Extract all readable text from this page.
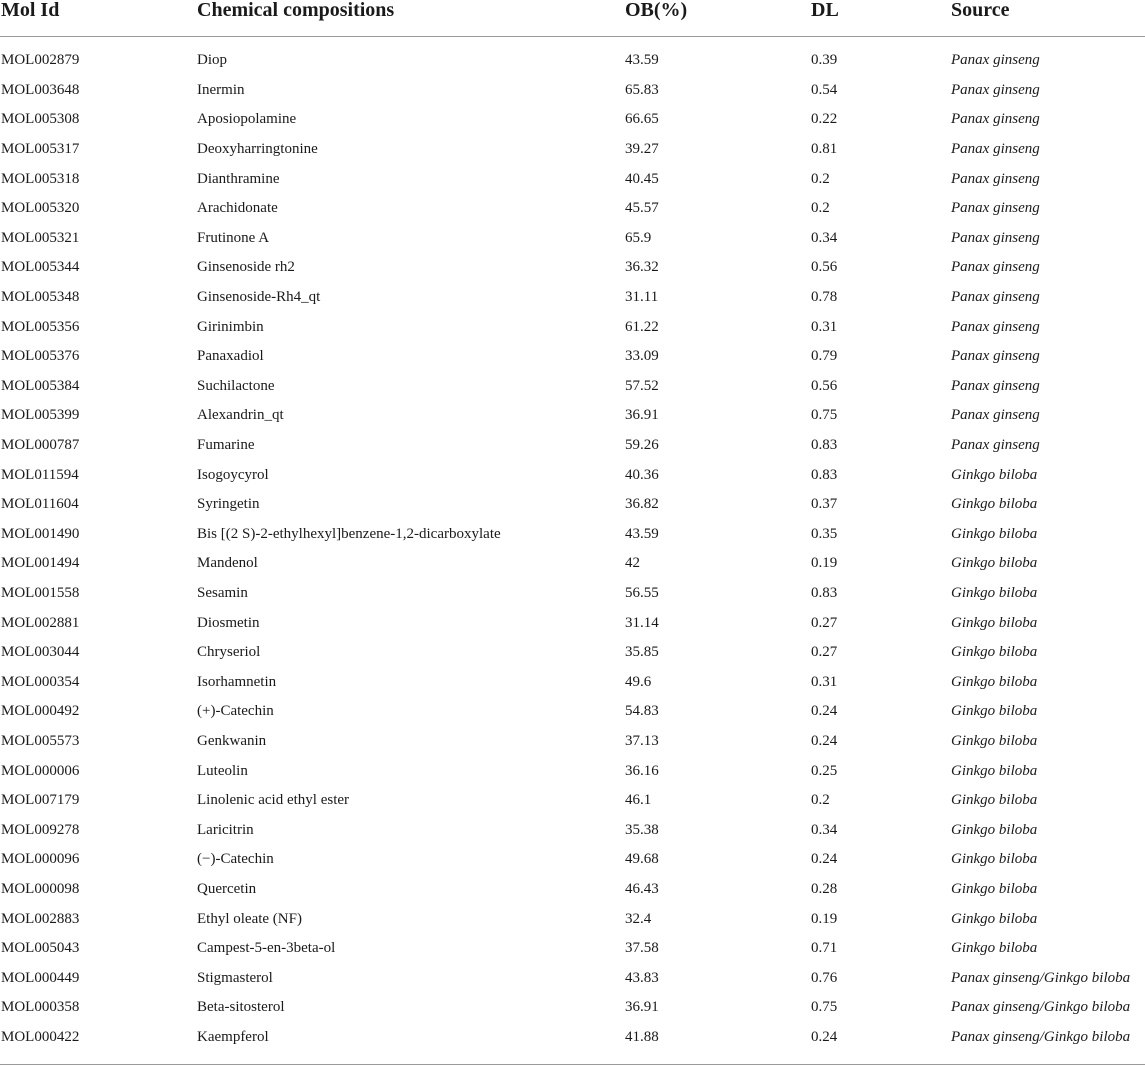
Mol Id	Chemical compositions	OB(%)	DL	Source

MOL002879	Diop	43.59	0.39	Panax ginseng
MOL003648	Inermin	65.83	0.54	Panax ginseng
MOL005308	Aposiopolamine	66.65	0.22	Panax ginseng
MOL005317	Deoxyharringtonine	39.27	0.81	Panax ginseng
MOL005318	Dianthramine	40.45	0.2	Panax ginseng
MOL005320	Arachidonate	45.57	0.2	Panax ginseng
MOL005321	Frutinone A	65.9	0.34	Panax ginseng
MOL005344	Ginsenoside rh2	36.32	0.56	Panax ginseng
MOL005348	Ginsenoside-Rh4_qt	31.11	0.78	Panax ginseng
MOL005356	Girinimbin	61.22	0.31	Panax ginseng
MOL005376	Panaxadiol	33.09	0.79	Panax ginseng
MOL005384	Suchilactone	57.52	0.56	Panax ginseng
MOL005399	Alexandrin_qt	36.91	0.75	Panax ginseng
MOL000787	Fumarine	59.26	0.83	Panax ginseng
MOL011594	Isogoycyrol	40.36	0.83	Ginkgo biloba
MOL011604	Syringetin	36.82	0.37	Ginkgo biloba
MOL001490	Bis [(2 S)-2-ethylhexyl]benzene-1,2-dicarboxylate	43.59	0.35	Ginkgo biloba
MOL001494	Mandenol	42	0.19	Ginkgo biloba
MOL001558	Sesamin	56.55	0.83	Ginkgo biloba
MOL002881	Diosmetin	31.14	0.27	Ginkgo biloba
MOL003044	Chryseriol	35.85	0.27	Ginkgo biloba
MOL000354	Isorhamnetin	49.6	0.31	Ginkgo biloba
MOL000492	(+)-Catechin	54.83	0.24	Ginkgo biloba
MOL005573	Genkwanin	37.13	0.24	Ginkgo biloba
MOL000006	Luteolin	36.16	0.25	Ginkgo biloba
MOL007179	Linolenic acid ethyl ester	46.1	0.2	Ginkgo biloba
MOL009278	Laricitrin	35.38	0.34	Ginkgo biloba
MOL000096	(−)-Catechin	49.68	0.24	Ginkgo biloba
MOL000098	Quercetin	46.43	0.28	Ginkgo biloba
MOL002883	Ethyl oleate (NF)	32.4	0.19	Ginkgo biloba
MOL005043	Campest-5-en-3beta-ol	37.58	0.71	Ginkgo biloba
MOL000449	Stigmasterol	43.83	0.76	Panax ginseng/Ginkgo biloba
MOL000358	Beta-sitosterol	36.91	0.75	Panax ginseng/Ginkgo biloba
MOL000422	Kaempferol	41.88	0.24	Panax ginseng/Ginkgo biloba
